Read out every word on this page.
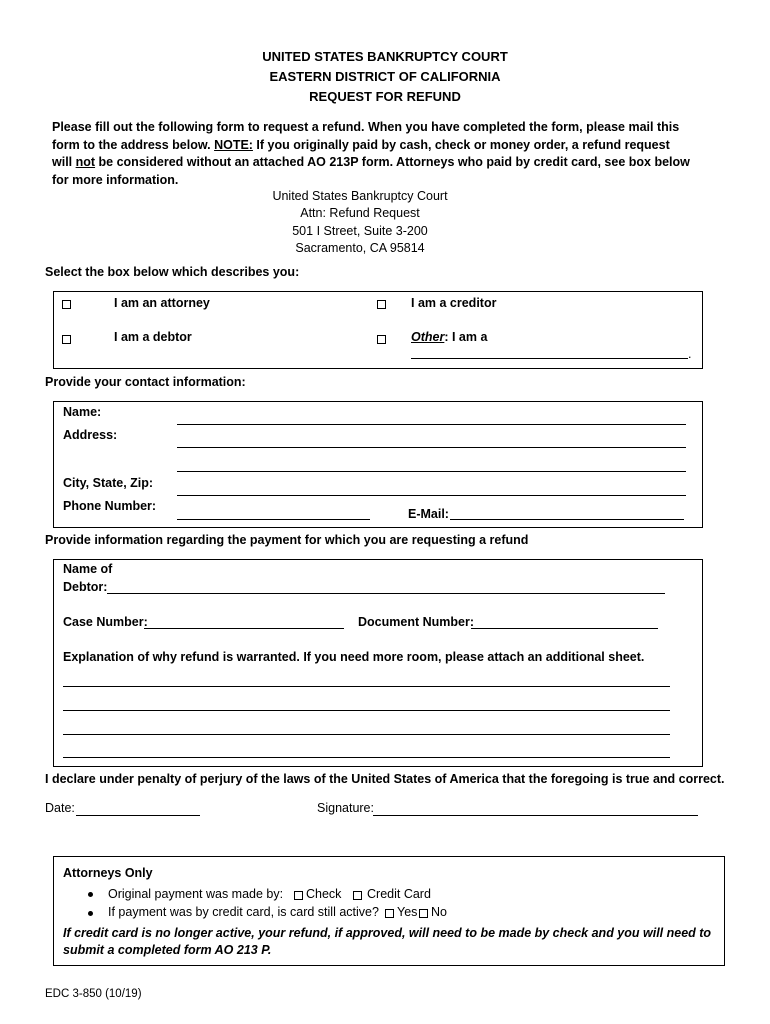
UNITED STATES BANKRUPTCY COURT
EASTERN DISTRICT OF CALIFORNIA
REQUEST FOR REFUND
Please fill out the following form to request a refund. When you have completed the form, please mail this form to the address below. NOTE: If you originally paid by cash, check or money order, a refund request will not be considered without an attached AO 213P form. Attorneys who paid by credit card, see box below for more information.
United States Bankruptcy Court
Attn: Refund Request
501 I Street, Suite 3-200
Sacramento, CA 95814
Select the box below which describes you:
I am an attorney	I am a creditor
I am a debtor	Other: I am a
.
Provide your contact information:
Name:
Address:
City, State, Zip:
Phone Number:
E-Mail:
Provide information regarding the payment for which you are requesting a refund
Name of
Debtor:
Case Number:	Document Number:
Explanation of why refund is warranted. If you need more room, please attach an additional sheet.
I declare under penalty of perjury of the laws of the United States of America that the foregoing is true and correct.
Date:	Signature:
Attorneys Only
Original payment was made by: Check Credit Card
If payment was by credit card, is card still active? Yes No
If credit card is no longer active, your refund, if approved, will need to be made by check and you will need to submit a completed form AO 213 P.
EDC 3-850 (10/19)
